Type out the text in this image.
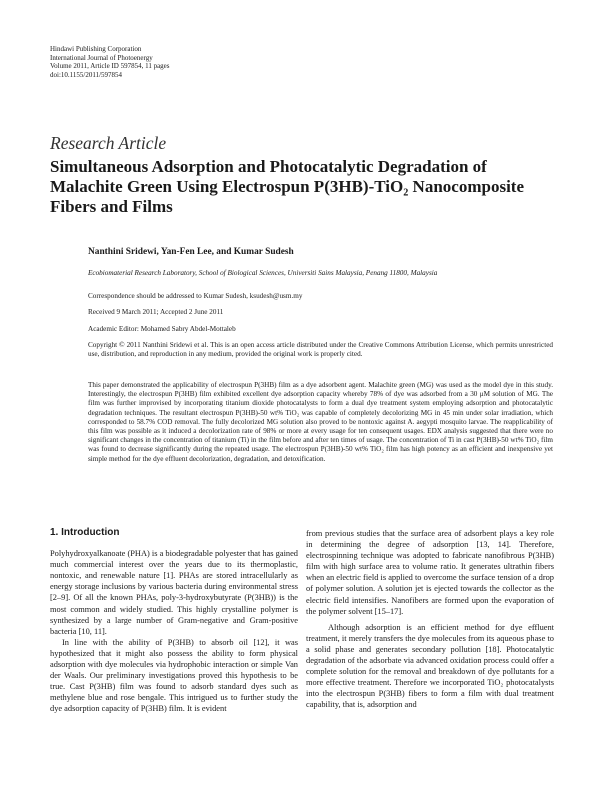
Hindawi Publishing Corporation
International Journal of Photoenergy
Volume 2011, Article ID 597854, 11 pages
doi:10.1155/2011/597854
Research Article
Simultaneous Adsorption and Photocatalytic Degradation of Malachite Green Using Electrospun P(3HB)-TiO₂ Nanocomposite Fibers and Films
Nanthini Sridewi, Yan-Fen Lee, and Kumar Sudesh
Ecobiomaterial Research Laboratory, School of Biological Sciences, Universiti Sains Malaysia, Penang 11800, Malaysia
Correspondence should be addressed to Kumar Sudesh, ksudesh@usm.my
Received 9 March 2011; Accepted 2 June 2011
Academic Editor: Mohamed Sabry Abdel-Mottaleb
Copyright © 2011 Nanthini Sridewi et al. This is an open access article distributed under the Creative Commons Attribution License, which permits unrestricted use, distribution, and reproduction in any medium, provided the original work is properly cited.
This paper demonstrated the applicability of electrospun P(3HB) film as a dye adsorbent agent. Malachite green (MG) was used as the model dye in this study. Interestingly, the electrospun P(3HB) film exhibited excellent dye adsorption capacity whereby 78% of dye was adsorbed from a 30 μM solution of MG. The film was further improvised by incorporating titanium dioxide photocatalysts to form a dual dye treatment system employing adsorption and photocatalytic degradation techniques. The resultant electrospun P(3HB)-50 wt% TiO₂ was capable of completely decolorizing MG in 45 min under solar irradiation, which corresponded to 58.7% COD removal. The fully decolorized MG solution also proved to be nontoxic against A. aegypti mosquito larvae. The reapplicability of this film was possible as it induced a decolorization rate of 98% or more at every usage for ten consequent usages. EDX analysis suggested that there were no significant changes in the concentration of titanium (Ti) in the film before and after ten times of usage. The concentration of Ti in cast P(3HB)-50 wt% TiO₂ film was found to decrease significantly during the repeated usage. The electrospun P(3HB)-50 wt% TiO₂ film has high potency as an efficient and inexpensive yet simple method for the dye effluent decolorization, degradation, and detoxification.
1. Introduction

Polyhydroxyalkanoate (PHA) is a biodegradable polyester that has gained much commercial interest over the years due to its thermoplastic, nontoxic, and renewable nature [1]. PHAs are stored intracellularly as energy storage inclusions by various bacteria during environmental stress [2–9]. Of all the known PHAs, poly-3-hydroxybutyrate (P(3HB)) is the most common and widely studied. This highly crystalline polymer is synthesized by a large number of Gram-negative and Gram-positive bacteria [10, 11].

In line with the ability of P(3HB) to absorb oil [12], it was hypothesized that it might also possess the ability to form physical adsorption with dye molecules via hydrophobic interaction or simple Van der Waals. Our preliminary investigations proved this hypothesis to be true. Cast P(3HB) film was found to adsorb standard dyes such as methylene blue and rose bengale. This intrigued us to further study the dye adsorption capacity of P(3HB) film. It is evident

from previous studies that the surface area of adsorbent plays a key role in determining the degree of adsorption [13, 14]. Therefore, electrospinning technique was adopted to fabricate nanofibrous P(3HB) film with high surface area to volume ratio. It generates ultrathin fibers when an electric field is applied to overcome the surface tension of a drop of polymer solution. A solution jet is ejected towards the collector as the electric field intensifies. Nanofibers are formed upon the evaporation of the polymer solvent [15–17].

Although adsorption is an efficient method for dye effluent treatment, it merely transfers the dye molecules from its aqueous phase to a solid phase and generates secondary pollution [18]. Photocatalytic degradation of the adsorbate via advanced oxidation process could offer a complete solution for the removal and breakdown of dye pollutants for a more effective treatment. Therefore we incorporated TiO₂ photocatalysts into the electrospun P(3HB) fibers to form a film with dual treatment capability, that is, adsorption and
